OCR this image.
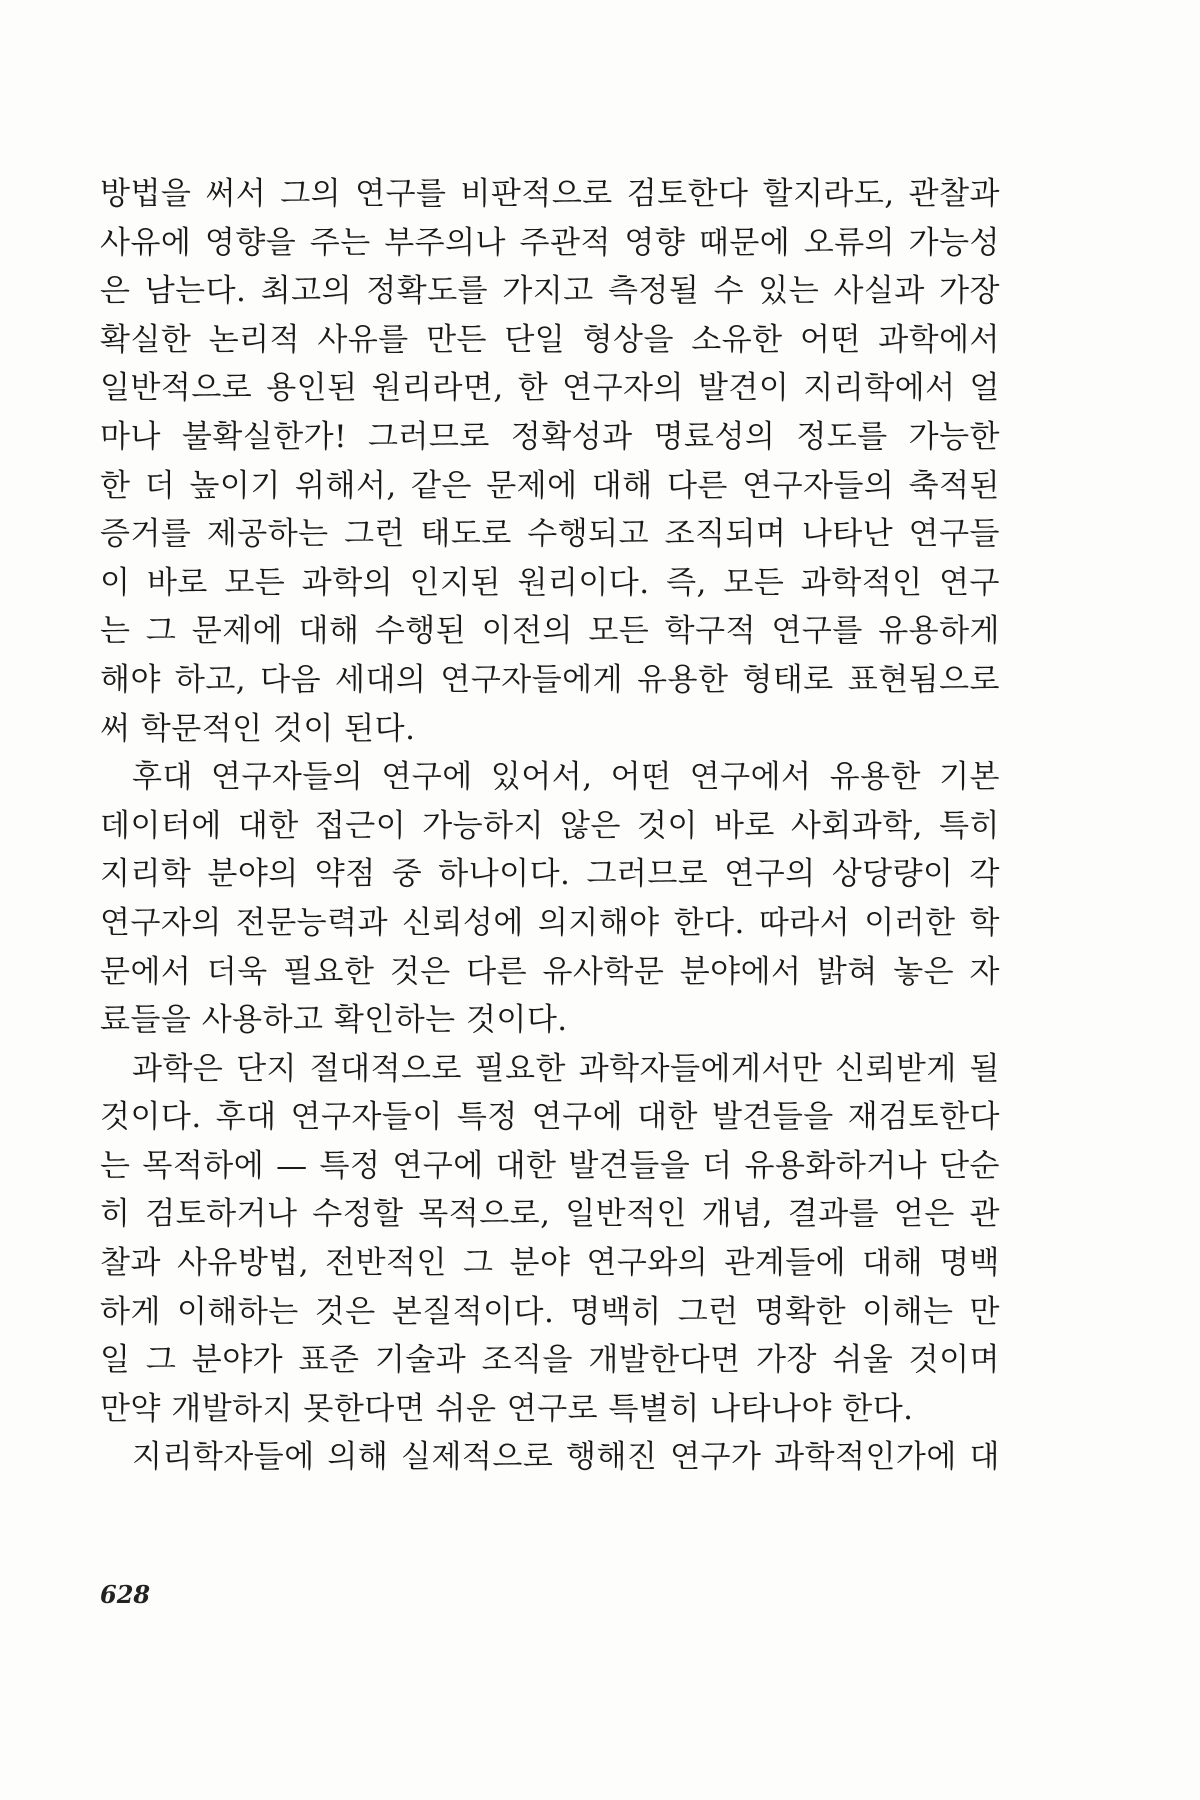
방법을 써서 그의 연구를 비판적으로 검토한다 할지라도, 관찰과
사유에 영향을 주는 부주의나 주관적 영향 때문에 오류의 가능성
은 남는다. 최고의 정확도를 가지고 측정될 수 있는 사실과 가장
확실한 논리적 사유를 만든 단일 형상을 소유한 어떤 과학에서
일반적으로 용인된 원리라면, 한 연구자의 발견이 지리학에서 얼
마나 불확실한가! 그러므로 정확성과 명료성의 정도를 가능한
한 더 높이기 위해서, 같은 문제에 대해 다른 연구자들의 축적된
증거를 제공하는 그런 태도로 수행되고 조직되며 나타난 연구들
이 바로 모든 과학의 인지된 원리이다. 즉, 모든 과학적인 연구
는 그 문제에 대해 수행된 이전의 모든 학구적 연구를 유용하게
해야 하고, 다음 세대의 연구자들에게 유용한 형태로 표현됨으로
써 학문적인 것이 된다.
후대 연구자들의 연구에 있어서, 어떤 연구에서 유용한 기본
데이터에 대한 접근이 가능하지 않은 것이 바로 사회과학, 특히
지리학 분야의 약점 중 하나이다. 그러므로 연구의 상당량이 각
연구자의 전문능력과 신뢰성에 의지해야 한다. 따라서 이러한 학
문에서 더욱 필요한 것은 다른 유사학문 분야에서 밝혀 놓은 자
료들을 사용하고 확인하는 것이다.
과학은 단지 절대적으로 필요한 과학자들에게서만 신뢰받게 될
것이다. 후대 연구자들이 특정 연구에 대한 발견들을 재검토한다
는 목적하에 — 특정 연구에 대한 발견들을 더 유용화하거나 단순
히 검토하거나 수정할 목적으로, 일반적인 개념, 결과를 얻은 관
찰과 사유방법, 전반적인 그 분야 연구와의 관계들에 대해 명백
하게 이해하는 것은 본질적이다. 명백히 그런 명확한 이해는 만
일 그 분야가 표준 기술과 조직을 개발한다면 가장 쉬울 것이며
만약 개발하지 못한다면 쉬운 연구로 특별히 나타나야 한다.
지리학자들에 의해 실제적으로 행해진 연구가 과학적인가에 대
628
